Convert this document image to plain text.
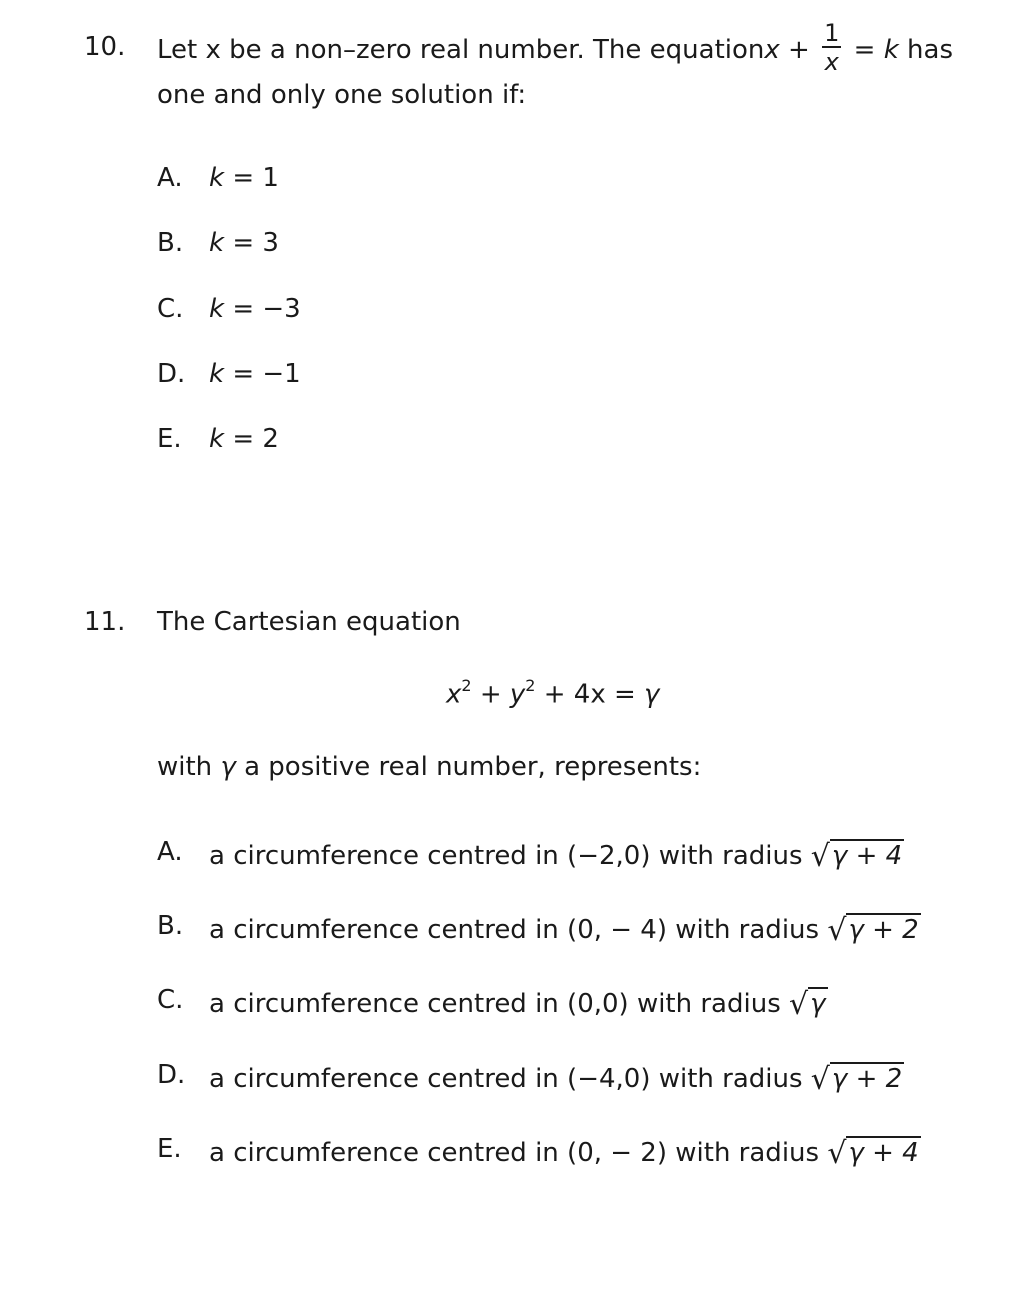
10. Let x be a non–zero real number. The equation $x + \frac{1}{x} = k$ has
one and only one solution if:
A. k = 1
B. k = 3
C. k = −3
D. k = −1
E. k = 2
11. The Cartesian equation
$x^2 + y^2 + 4x = \gamma$
with γ a positive real number, represents:
A. a circumference centred in (−2,0) with radius √γ + 4
B. a circumference centred in (0, − 4) with radius √γ + 2
C. a circumference centred in (0,0) with radius √γ
D. a circumference centred in (−4,0) with radius √γ + 2
E. a circumference centred in (0, − 2) with radius √γ + 4
